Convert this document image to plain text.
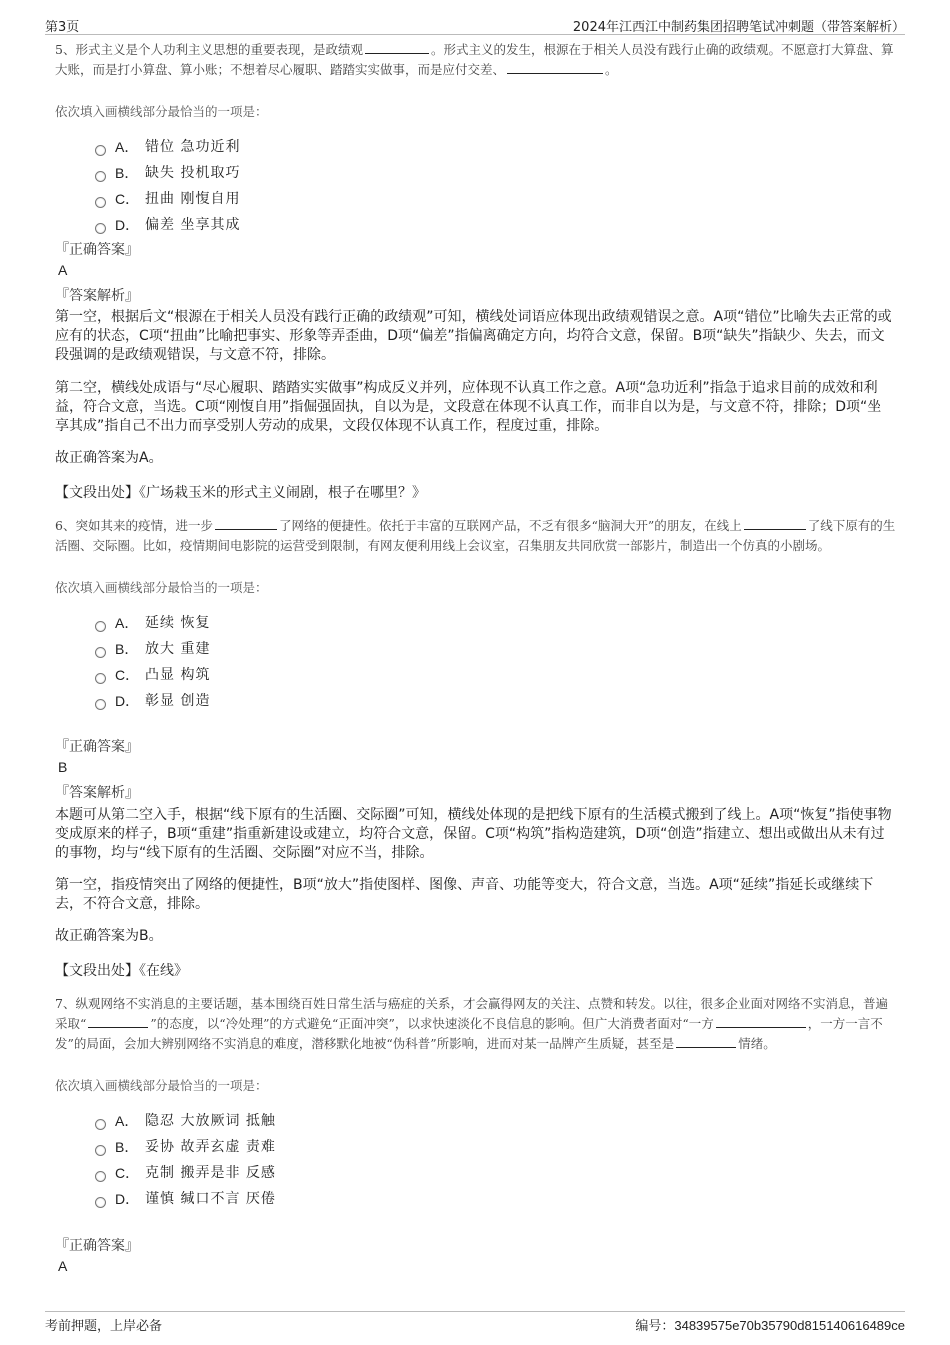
第3页	2024年江西江中制药集团招聘笔试冲刺题（带答案解析）

5、形式主义是个人功利主义思想的重要表现，是政绩观	。形式主义的发生，根源在于相关人员没有践行止确的政绩观。不愿意打大算盘、算大账，而是打小算盘、算小账；不想着尽心履职、踏踏实实做事，而是应付交差、	。

依次填入画横线部分最恰当的一项是：
A． 错位 急功近利
B． 缺失 投机取巧
C． 扭曲 刚愎自用
D． 偏差 坐享其成
『正确答案』
A
『答案解析』

第一空，根据后文“根源在于相关人员没有践行正确的政绩观”可知，横线处词语应体现出政绩观错误之意。A项“错位”比喻失去正常的或应有的状态，C项“扭曲”比喻把事实、形象等弄歪曲，D项“偏差”指偏离确定方向，均符合文意，保留。B项“缺失”指缺少、失去，而文段强调的是政绩观错误，与文意不符，排除。

第二空，横线处成语与“尽心履职、踏踏实实做事”构成反义并列，应体现不认真工作之意。A项“急功近利”指急于追求目前的成效和利益，符合文意，当选。C项“刚愎自用”指倔强固执，自以为是，文段意在体现不认真工作，而非自以为是，与文意不符，排除；D项“坐享其成”指自己不出力而享受别人劳动的成果，文段仅体现不认真工作，程度过重，排除。

故正确答案为A。

【文段出处】《广场栽玉米的形式主义闹剧，根子在哪里？》

6、突如其来的疫情，进一步	了网络的便捷性。依托于丰富的互联网产品，不乏有很多“脑洞大开”的朋友，在线上	了线下原有的生活圈、交际圈。比如，疫情期间电影院的运营受到限制，有网友便利用线上会议室，召集朋友共同欣赏一部影片，制造出一个仿真的小剧场。

依次填入画横线部分最恰当的一项是：
A． 延续 恢复
B． 放大 重建
C． 凸显 构筑
D． 彰显 创造
『正确答案』
B
『答案解析』

本题可从第二空入手，根据“线下原有的生活圈、交际圈”可知，横线处体现的是把线下原有的生活模式搬到了线上。A项“恢复”指使事物变成原来的样子，B项“重建”指重新建设或建立，均符合文意，保留。C项“构筑”指构造建筑，D项“创造”指建立、想出或做出从未有过的事物，均与“线下原有的生活圈、交际圈”对应不当，排除。

第一空，指疫情突出了网络的便捷性，B项“放大”指使图样、图像、声音、功能等变大，符合文意，当选。A项“延续”指延长或继续下去，不符合文意，排除。

故正确答案为B。

【文段出处】《在线》

7、纵观网络不实消息的主要话题，基本围绕百姓日常生活与癌症的关系，才会赢得网友的关注、点赞和转发。以往，很多企业面对网络不实消息，普遍采取“	”的态度，以“冷处理”的方式避免“正面冲突”，以求快速淡化不良信息的影响。但广大消费者面对“一方	，一方一言不发”的局面，会加大辨别网络不实消息的难度，潜移默化地被“伪科普”所影响，进而对某一品牌产生质疑，甚至是	情绪。

依次填入画横线部分最恰当的一项是：
A． 隐忍 大放厥词 抵触
B． 妥协 故弄玄虚 责难
C． 克制 搬弄是非 反感
D． 谨慎 缄口不言 厌倦
『正确答案』
A
考前押题，上岸必备	编号：34839575e70b35790d815140616489ce
